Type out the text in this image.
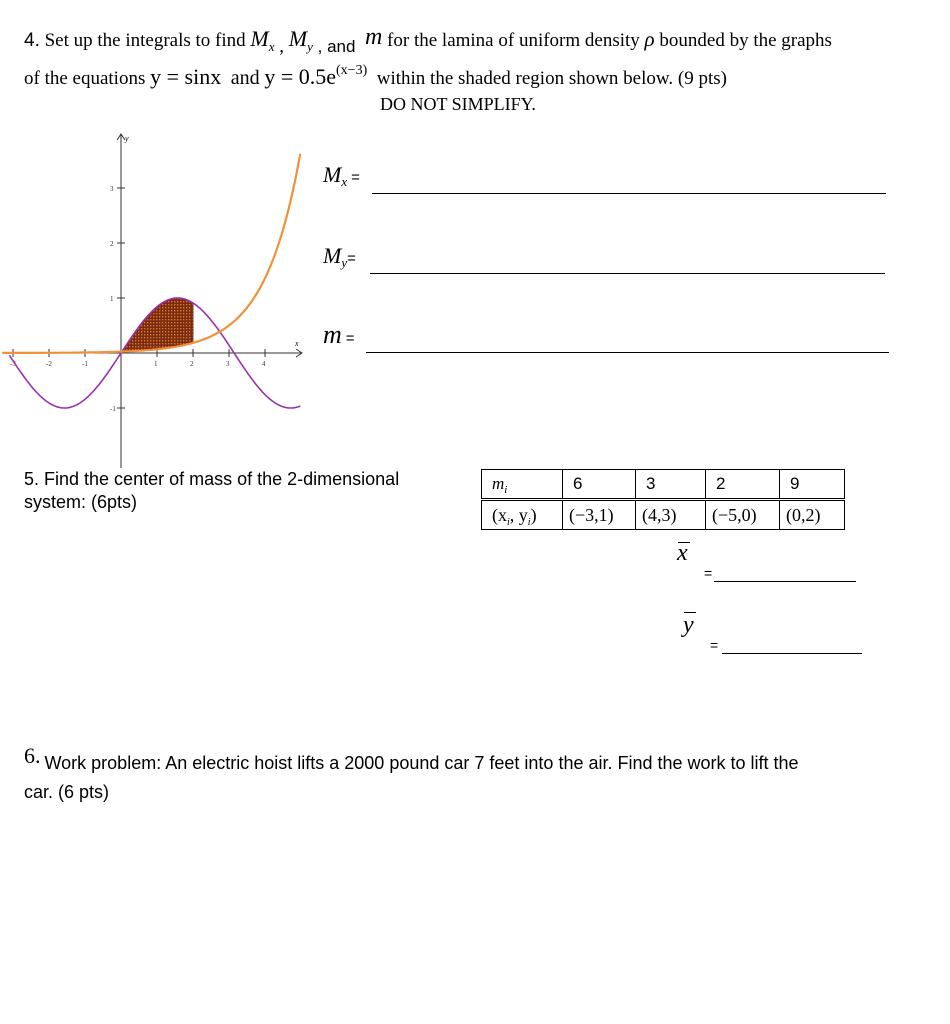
4. Set up the integrals to find $M_x$ , $M_y$ , and m for the lamina of uniform density ρ bounded by the graphs
of the equations y = sinx and $y = 0.5e^{(x-3)}$ within the shaded region shown below. (9 pts)
DO NOT SIMPLIFY.
x
y
-3	-2	-1	1	2	3	4
3
2
1
-1
$M_x$ =
$M_y=$
m =
5. Find the center of mass of the 2-dimensional
system: (6pts)
$m_i$	6	3	2	9
($x_i$, $y_i$)	(−3,1)	(4,3)	(−5,0)	(0,2)
x
=
y
=
6. Work problem: An electric hoist lifts a 2000 pound car 7 feet into the air. Find the work to lift the
car. (6 pts)
